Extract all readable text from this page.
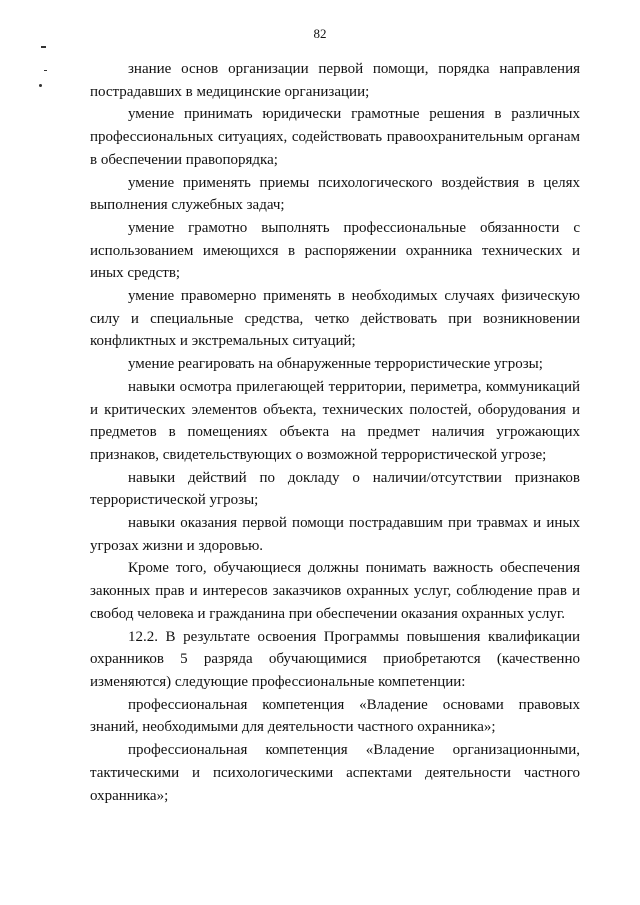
82

знание основ организации первой помощи, порядка направления пострадавших в медицинские организации;

умение принимать юридически грамотные решения в различных профессиональных ситуациях, содействовать правоохранительным органам в обеспечении правопорядка;

умение применять приемы психологического воздействия в целях выполнения служебных задач;

умение грамотно выполнять профессиональные обязанности с использованием имеющихся в распоряжении охранника технических и иных средств;

умение правомерно применять в необходимых случаях физическую силу и специальные средства, четко действовать при возникновении конфликтных и экстремальных ситуаций;

умение реагировать на обнаруженные террористические угрозы;

навыки осмотра прилегающей территории, периметра, коммуникаций и критических элементов объекта, технических полостей, оборудования и предметов в помещениях объекта на предмет наличия угрожающих признаков, свидетельствующих о возможной террористической угрозе;

навыки действий по докладу о наличии/отсутствии признаков террористической угрозы;

навыки оказания первой помощи пострадавшим при травмах и иных угрозах жизни и здоровью.

Кроме того, обучающиеся должны понимать важность обеспечения законных прав и интересов заказчиков охранных услуг, соблюдение прав и свобод человека и гражданина при обеспечении оказания охранных услуг.

12.2. В результате освоения Программы повышения квалификации охранников 5 разряда обучающимися приобретаются (качественно изменяются) следующие профессиональные компетенции:

профессиональная компетенция «Владение основами правовых знаний, необходимыми для деятельности частного охранника»;

профессиональная компетенция «Владение организационными, тактическими и психологическими аспектами деятельности частного охранника»;
